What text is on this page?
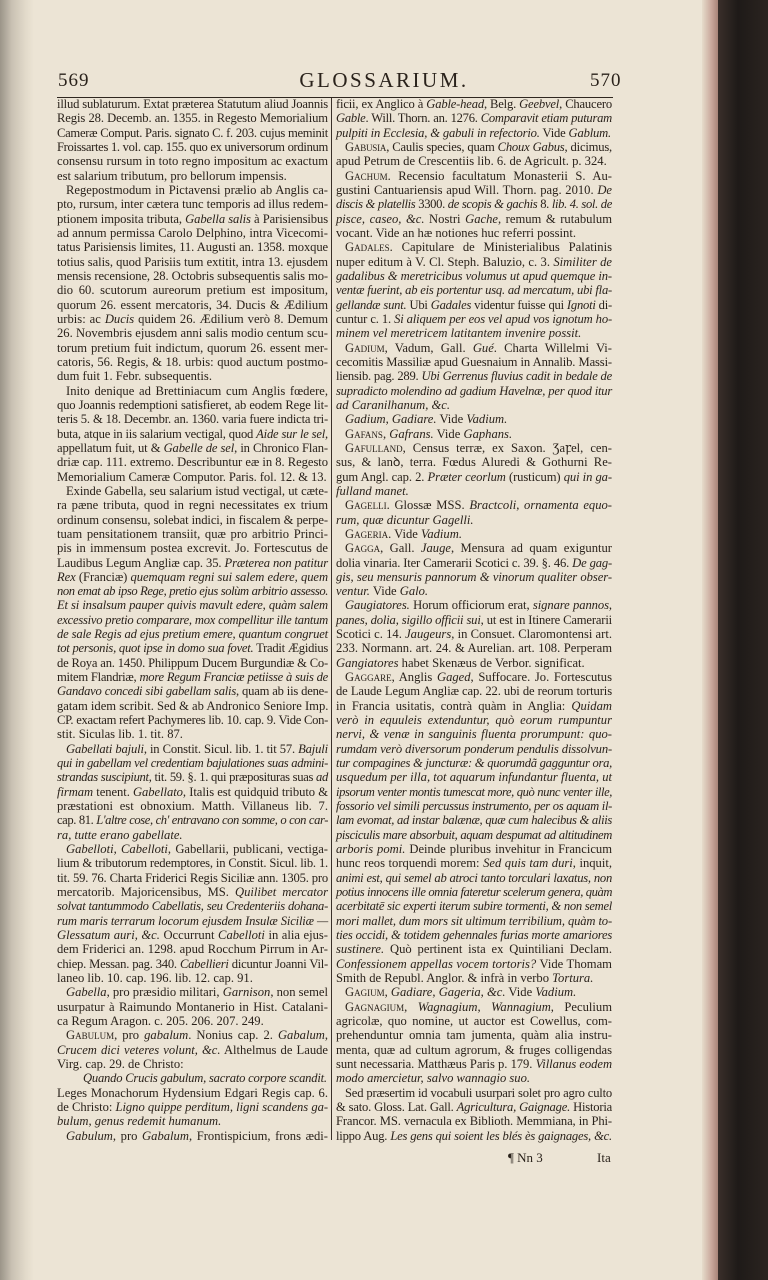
569	GLOSSARIUM.	570
illud sublaturum. Extat præterea Statutum aliud Joannis
Regis 28. Decemb. an. 1355. in Regesto Memorialium
Cameræ Comput. Paris. signato C. f. 203. cujus meminit
Froissartes 1. vol. cap. 155. quo ex universorum ordinum
consensu rursum in toto regno impositum ac exactum
est salarium tributum, pro bellorum impensis.
Regepostmodum in Pictavensi prælio ab Anglis ca-
pto, rursum, inter cætera tunc temporis ad illus redem-
ptionem imposita tributa, Gabella salis à Parisiensibus
ad annum permissa Carolo Delphino, intra Vicecomi-
tatus Parisiensis limites, 11. Augusti an. 1358. moxque
totius salis, quod Parisiis tum extitit, intra 13. ejusdem
mensis recensione, 28. Octobris subsequentis salis mo-
dio 60. scutorum aureorum pretium est impositum,
quorum 26. essent mercatoris, 34. Ducis & Ædilium
urbis: ac Ducis quidem 26. Ædilium verò 8. Demum
26. Novembris ejusdem anni salis modio centum scu-
torum pretium fuit indictum, quorum 26. essent mer-
catoris, 56. Regis, & 18. urbis: quod auctum postmo-
dum fuit 1. Febr. subsequentis.
Inito denique ad Brettiniacum cum Anglis fœdere,
quo Joannis redemptioni satisfieret, ab eodem Rege lit-
teris 5. & 18. Decembr. an. 1360. varia fuere indicta tri-
buta, atque in iis salarium vectigal, quod Aide sur le sel,
appellatum fuit, ut & Gabelle de sel, in Chronico Flan-
driæ cap. 111. extremo. Describuntur eæ in 8. Regesto
Memorialium Cameræ Computor. Paris. fol. 12. & 13.
Exinde Gabella, seu salarium istud vectigal, ut cæte-
ra pæne tributa, quod in regni necessitates ex trium
ordinum consensu, solebat indici, in fiscalem & perpe-
tuam pensitationem transiit, quæ pro arbitrio Princi-
pis in immensum postea excrevit. Jo. Fortescutus de
Laudibus Legum Angliæ cap. 35. Præterea non patitur
Rex (Franciæ) quemquam regni sui salem edere, quem
non emat ab ipso Rege, pretio ejus solùm arbitrio assesso.
Et si insalsum pauper quivis mavult edere, quàm salem
excessivo pretio comparare, mox compellitur ille tantum
de sale Regis ad ejus pretium emere, quantum congruet
tot personis, quot ipse in domo sua fovet. Tradit Ægidius
de Roya an. 1450. Philippum Ducem Burgundiæ & Co-
mitem Flandriæ, more Regum Franciæ petiisse à suis de
Gandavo concedi sibi gabellam salis, quam ab iis dene-
gatam idem scribit. Sed & ab Andronico Seniore Imp.
CP. exactam refert Pachymeres lib. 10. cap. 9. Vide Con-
stit. Siculas lib. 1. tit. 87.
Gabellati bajuli, in Constit. Sicul. lib. 1. tit 57. Bajuli
qui in gabellam vel credentiam bajulationes suas admini-
strandas suscipiunt, tit. 59. §. 1. qui præposituras suas ad
firmam tenent. Gabellato, Italis est quidquid tributo &
præstationi est obnoxium. Matth. Villaneus lib. 7.
cap. 81. L'altre cose, ch' entravano con somme, o con car-
ra, tutte erano gabellate.
Gabelloti, Cabelloti, Gabellarii, publicani, vectiga-
lium & tributorum redemptores, in Constit. Sicul. lib. 1.
tit. 59. 76. Charta Friderici Regis Siciliæ ann. 1305. pro
mercatorib. Majoricensibus, MS. Quilibet mercator
solvat tantummodo Cabellatis, seu Credenteriis dohana-
rum maris terrarum locorum ejusdem Insulæ Siciliæ —
Glessatum auri, &c. Occurrunt Cabelloti in alia ejus-
dem Friderici an. 1298. apud Rocchum Pirrum in Ar-
chiep. Messan. pag. 340. Cabellieri dicuntur Joanni Vil-
laneo lib. 10. cap. 196. lib. 12. cap. 91.
Gabella, pro præsidio militari, Garnison, non semel
usurpatur à Raimundo Montanerio in Hist. Catalani-
ca Regum Aragon. c. 205. 206. 207. 249.
Gabulum, pro gabalum. Nonius cap. 2. Gabalum,
Crucem dici veteres volunt, &c. Althelmus de Laude
Virg. cap. 29. de Christo:
Quando Crucis gabulum, sacrato corpore scandit.
Leges Monachorum Hydensium Edgari Regis cap. 6.
de Christo: Ligno quippe perditum, ligni scandens ga-
bulum, genus redemit humanum.
Gabulum, pro Gabalum, Frontispicium, frons ædi-
ficii, ex Anglico à Gable-head, Belg. Geebvel, Chaucero
Gable. Will. Thorn. an. 1276. Comparavit etiam puturam
pulpiti in Ecclesia, & gabuli in refectorio. Vide Gablum.
Gabusia, Caulis species, quam Choux Gabus, dicimus,
apud Petrum de Crescentiis lib. 6. de Agricult. p. 324.
Gachum. Recensio facultatum Monasterii S. Au-
gustini Cantuariensis apud Will. Thorn. pag. 2010. De
discis & platellis 3300. de scopis & gachis 8. lib. 4. sol. de
pisce, caseo, &c. Nostri Gache, remum & rutabulum
vocant. Vide an hæ notiones huc referri possint.
Gadales. Capitulare de Ministerialibus Palatinis
nuper editum à V. Cl. Steph. Baluzio, c. 3. Similiter de
gadalibus & meretricibus volumus ut apud quemque in-
ventæ fuerint, ab eis portentur usq. ad mercatum, ubi fla-
gellandæ sunt. Ubi Gadales videntur fuisse qui Ignoti di-
cuntur c. 1. Si aliquem per eos vel apud vos ignotum ho-
minem vel meretricem latitantem invenire possit.
Gadium, Vadum, Gall. Gué. Charta Willelmi Vi-
cecomitis Massiliæ apud Guesnaium in Annalib. Massi-
liensib. pag. 289. Ubi Gerrenus fluvius cadit in bedale de
supradicto molendino ad gadium Havelnæ, per quod itur
ad Caranilhanum, &c.
Gadium, Gadiare. Vide Vadium.
Gafans, Gafrans. Vide Gaphans.
Gafulland, Census terræ, ex Saxon. Ʒaꝼel, cen-
sus, & lanꝺ, terra. Fœdus Aluredi & Gothurni Re-
gum Angl. cap. 2. Præter ceorlum (rusticum) qui in ga-
fulland manet.
Gagelli. Glossæ MSS. Bractcoli, ornamenta equo-
rum, quæ dicuntur Gagelli.
Gageria. Vide Vadium.
Gagga, Gall. Jauge, Mensura ad quam exiguntur
dolia vinaria. Iter Camerarii Scotici c. 39. §. 46. De gag-
gis, seu mensuris pannorum & vinorum qualiter obser-
ventur. Vide Galo.
Gaugiatores. Horum officiorum erat, signare pannos,
panes, dolia, sigillo officii sui, ut est in Itinere Camerarii
Scotici c. 14. Jaugeurs, in Consuet. Claromontensi art.
233. Normann. art. 24. & Aurelian. art. 108. Perperam
Gangiatores habet Skenæus de Verbor. significat.
Gaggare, Anglis Gaged, Suffocare. Jo. Fortescutus
de Laude Legum Angliæ cap. 22. ubi de reorum torturis
in Francia usitatis, contrà quàm in Anglia: Quidam
verò in equuleis extenduntur, quò eorum rumpuntur
nervi, & venæ in sanguinis fluenta prorumpunt: quo-
rumdam verò diversorum ponderum pendulis dissolvun-
tur compagines & juncturæ: & quorumdã gagguntur ora,
usquedum per illa, tot aquarum infundantur fluenta, ut
ipsorum venter montis tumescat more, quò nunc venter ille,
fossorio vel simili percussus instrumento, per os aquam il-
lam evomat, ad instar balænæ, quæ cum halecibus & aliis
pisciculis mare absorbuit, aquam despumat ad altitudinem
arboris pomi. Deinde pluribus invehitur in Francicum
hunc reos torquendi morem: Sed quis tam duri, inquit,
animi est, qui semel ab atroci tanto torculari laxatus, non
potius innocens ille omnia fateretur scelerum genera, quàm
acerbitatē sic experti iterum subire tormenti, & non semel
mori mallet, dum mors sit ultimum terribilium, quàm to-
ties occidi, & totidem gehennales furias morte amariores
sustinere. Quò pertinent ista ex Quintiliani Declam.
Confessionem appellas vocem tortoris? Vide Thomam
Smith de Republ. Anglor. & infrà in verbo Tortura.
Gagium, Gadiare, Gageria, &c. Vide Vadium.
Gagnagium, Wagnagium, Wannagium, Peculium
agricolæ, quo nomine, ut auctor est Cowellus, com-
prehenduntur omnia tam jumenta, quàm alia instru-
menta, quæ ad cultum agrorum, & fruges colligendas
sunt necessaria. Matthæus Paris p. 179. Villanus eodem
modo amercietur, salvo wannagio suo.
Sed præsertim id vocabuli usurpari solet pro agro culto
& sato. Gloss. Lat. Gall. Agricultura, Gaignage. Historia
Francor. MS. vernacula ex Biblioth. Memmiana, in Phi-
lippo Aug. Les gens qui soient les blés ès gaignages, &c.
¶ Nn 3	Ita
